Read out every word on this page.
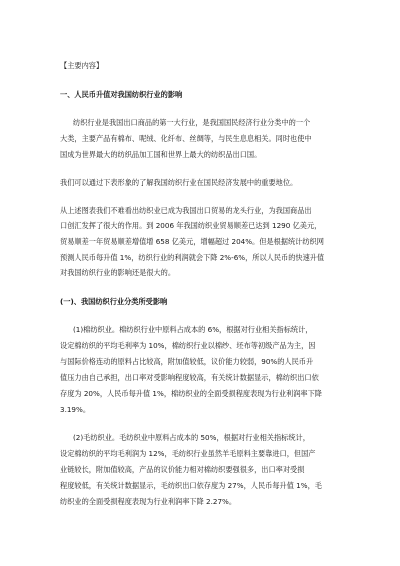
【主要内容】
一、人民币升值对我国纺织行业的影响
纺织行业是我国出口商品的第一大行业，是我国国民经济行业分类中的一个
大类，主要产品有棉布、呢绒、化纤布、丝绸等，与民生息息相关。同时也使中
国成为世界最大的纺织品加工国和世界上最大的纺织品出口国。
我们可以通过下表形象的了解我国纺织行业在国民经济发展中的重要地位。
从上述图表我们不难看出纺织业已成为我国出口贸易的龙头行业，为我国商品出
口创汇发挥了很大的作用。到 2006 年我国纺织业贸易顺差已达到 1290 亿美元，
贸易顺差一年贸易顺差增值增 658 亿美元，增幅超过 204%。但是根据统计纺织网
预测人民币每升值 1%，纺织行业的利润就会下降 2%-6%，所以人民币的快速升值
对我国纺织行业的影响还是很大的。
(一)、我国纺织行业分类所受影响
(1)棉纺织业。棉纺织行业中原料占成本的 6%，根据对行业相关指标统计，
设定棉纺织的平均毛利率为 10%，棉纺织行业以棉纱、坯布等初级产品为主，因
与国际价格连动的原料占比较高，附加值较低，议价能力较弱，90%的人民币升
值压力由自己承担，出口率对受影响程度较高，有关统计数据显示，棉纺织出口依
存度为 20%，人民币每升值 1%，棉纺织业的全面受损程度表现为行业利润率下降
3.19%。
(2)毛纺织业。毛纺织业中原料占成本的 50%，根据对行业相关指标统计，
设定棉纺织的平均毛利润为 12%，毛纺织行业虽然羊毛原料主要靠进口，但国产
业链较长，附加值较高，产品的议价能力相对棉纺织要强很多，出口率对受损
程度较低，有关统计数据显示，毛纺织出口依存度为 27%，人民币每升值 1%，毛
纺织业的全面受损程度表现为行业利润率下降 2.27%。
